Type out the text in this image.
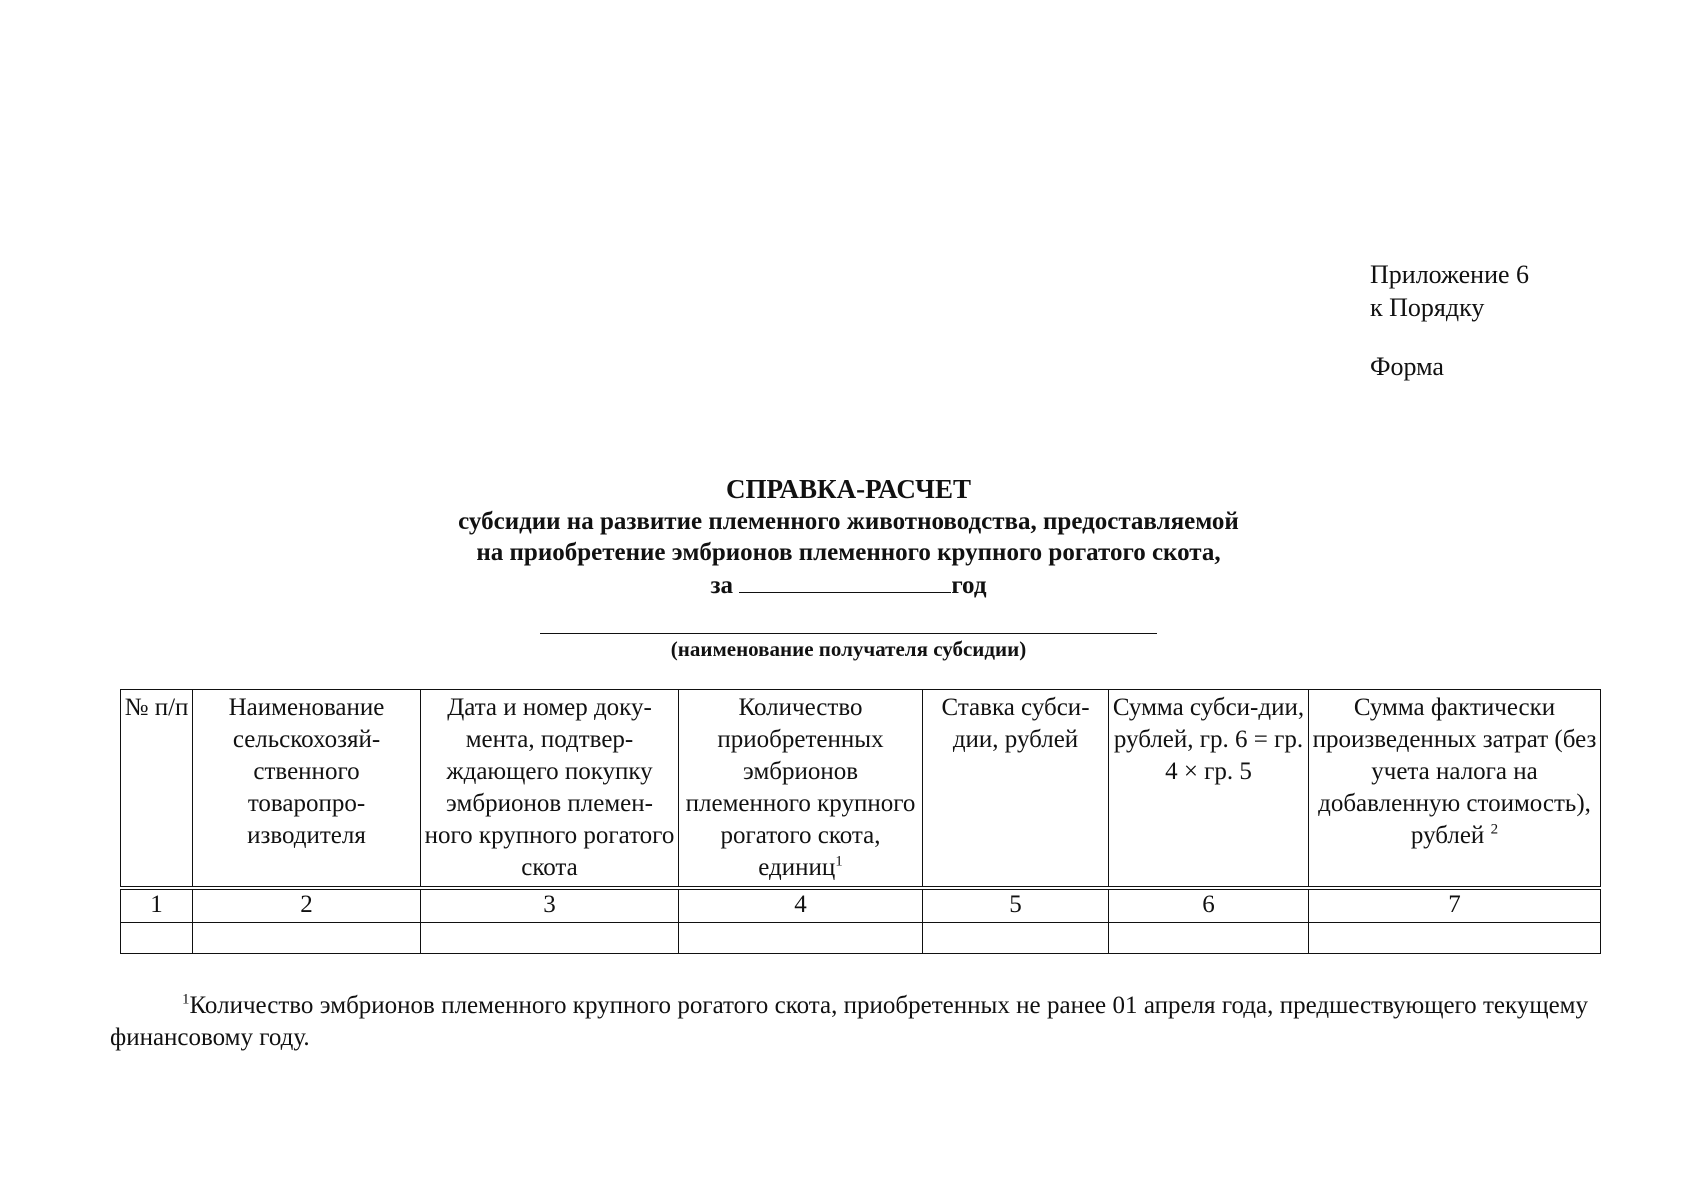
Приложение 6
к Порядку
Форма
СПРАВКА-РАСЧЕТ
субсидии на развитие племенного животноводства, предоставляемой
на приобретение эмбрионов племенного крупного рогатого скота,
за	год
(наименование получателя субсидии)
№ п/п	Наименование сельскохозяй-ственного товаропро-изводителя	Дата и номер доку-мента, подтвер-ждающего покупку эмбрионов племен-ного крупного рогатого скота	Количество приобретенных эмбрионов племенного крупного рогатого скота, единиц$^1$	Ставка субси-дии, рублей	Сумма субси-дии, рублей, гр. 6 = гр. 4 × гр. 5	Сумма фактически произведенных затрат (без учета налога на добавленную стоимость), рублей $^2$
1	2	3	4	5	6	7

$^1$Количество эмбрионов племенного крупного рогатого скота, приобретенных не ранее 01 апреля года, предшествующего текущему финансовому году.
